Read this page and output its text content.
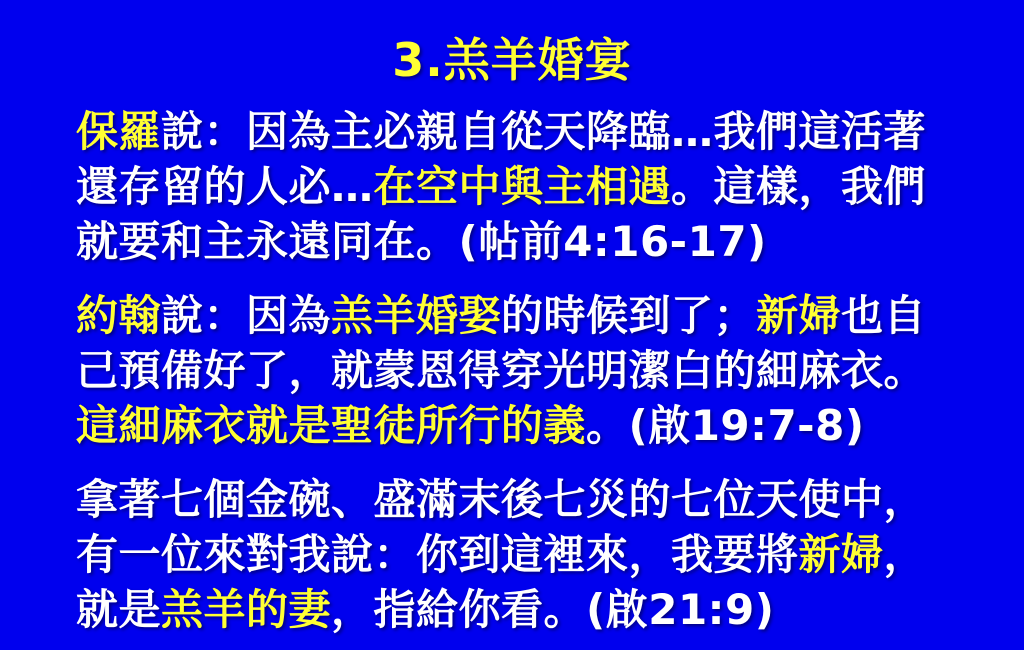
3.羔羊婚宴
保羅說：因為主必親自從天降臨…我們這活著
還存留的人必…在空中與主相遇。這樣，我們
就要和主永遠同在。(帖前4:16-17)
約翰說：因為羔羊婚娶的時候到了；新婦也自
己預備好了，就蒙恩得穿光明潔白的細麻衣。
這細麻衣就是聖徒所行的義。(啟19:7-8)
拿著七個金碗、盛滿末後七災的七位天使中，
有一位來對我說：你到這裡來，我要將新婦，
就是羔羊的妻，指給你看。(啟21:9)
